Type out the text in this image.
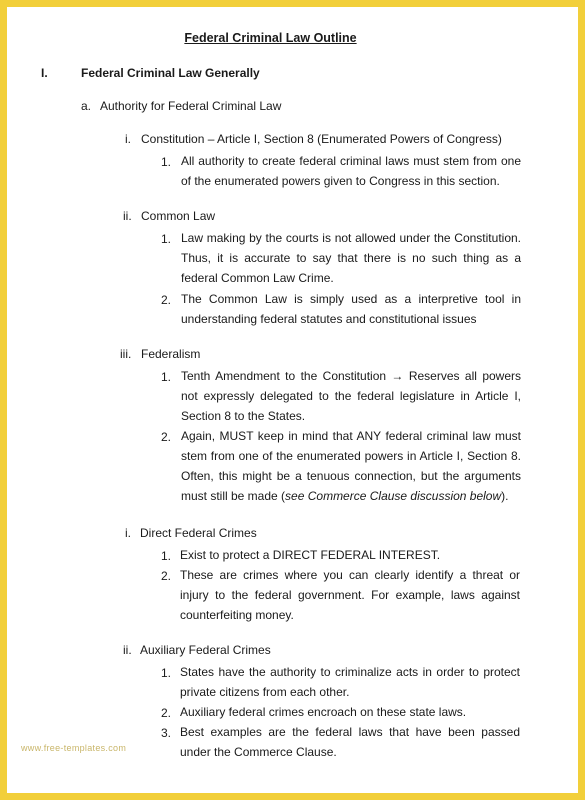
Federal Criminal Law Outline
I.	Federal Criminal Law Generally
a. Authority for Federal Criminal Law
i. Constitution – Article I, Section 8 (Enumerated Powers of Congress)
1. All authority to create federal criminal laws must stem from one of the enumerated powers given to Congress in this section.
ii. Common Law
1. Law making by the courts is not allowed under the Constitution. Thus, it is accurate to say that there is no such thing as a federal Common Law Crime.
2. The Common Law is simply used as a interpretive tool in understanding federal statutes and constitutional issues
iii. Federalism
1. Tenth Amendment to the Constitution → Reserves all powers not expressly delegated to the federal legislature in Article I, Section 8 to the States.
2. Again, MUST keep in mind that ANY federal criminal law must stem from one of the enumerated powers in Article I, Section 8. Often, this might be a tenuous connection, but the arguments must still be made (see Commerce Clause discussion below).
i. Direct Federal Crimes
1. Exist to protect a DIRECT FEDERAL INTEREST.
2. These are crimes where you can clearly identify a threat or injury to the federal government. For example, laws against counterfeiting money.
ii. Auxiliary Federal Crimes
1. States have the authority to criminalize acts in order to protect private citizens from each other.
2. Auxiliary federal crimes encroach on these state laws.
3. Best examples are the federal laws that have been passed under the Commerce Clause.
www.free-templates.com
